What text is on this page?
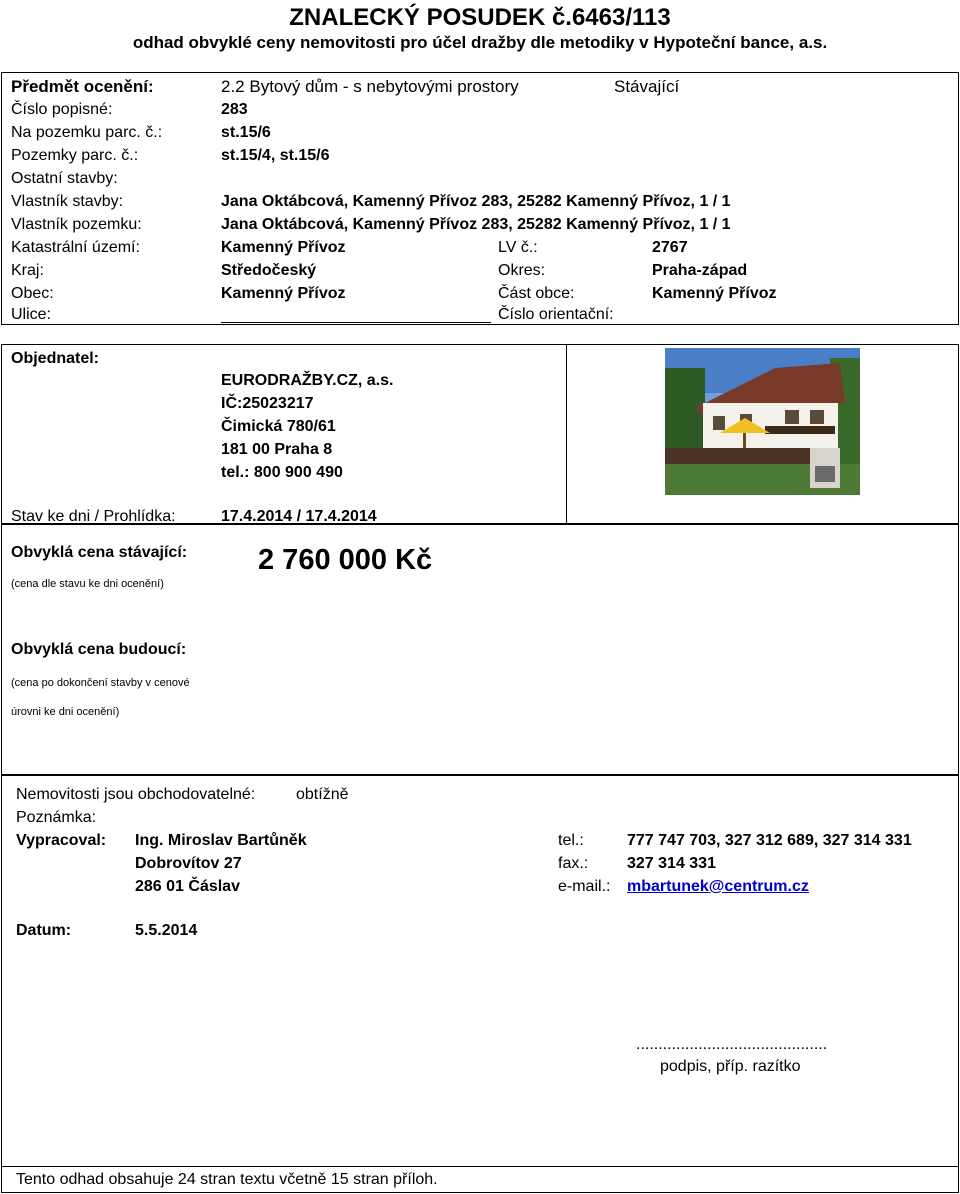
ZNALECKÝ POSUDEK č.6463/113
odhad obvyklé ceny nemovitosti pro účel dražby dle metodiky v Hypoteční bance, a.s.
Předmět ocenění:	2.2 Bytový dům - s nebytovými prostory	Stávající
Číslo popisné:	283
Na pozemku parc. č.:	st.15/6
Pozemky parc. č.:	st.15/4, st.15/6
Ostatní stavby:
Vlastník stavby:	Jana Oktábcová, Kamenný Přívoz 283, 25282 Kamenný Přívoz, 1 / 1
Vlastník pozemku:	Jana Oktábcová, Kamenný Přívoz 283, 25282 Kamenný Přívoz, 1 / 1
Katastrální území:	Kamenný Přívoz	LV č.:	2767
Kraj:	Středočeský	Okres:	Praha-západ
Obec:	Kamenný Přívoz	Část obce:	Kamenný Přívoz
Ulice:	Číslo orientační:
Objednatel:
EURODRAŽBY.CZ, a.s.
IČ:25023217
Čimická 780/61
181 00 Praha 8
tel.: 800 900 490
Stav ke dni / Prohlídka:	17.4.2014 / 17.4.2014
Obvyklá cena stávající:
(cena dle stavu ke dni ocenění)
2 760 000 Kč
Obvyklá cena budoucí:
(cena po dokončení stavby v cenové
úrovni ke dni ocenění)
Nemovitosti jsou obchodovatelné:	obtížně
Poznámka:
Vypracoval: Ing. Miroslav Bartůněk
Dobrovítov 27
286 01 Čáslav
tel.:	777 747 703, 327 312 689, 327 314 331
fax.: 327 314 331
e-mail.: mbartunek@centrum.cz
Datum:	5.5.2014
...........................................
podpis, příp. razítko
Tento odhad obsahuje 24 stran textu včetně 15 stran příloh.
